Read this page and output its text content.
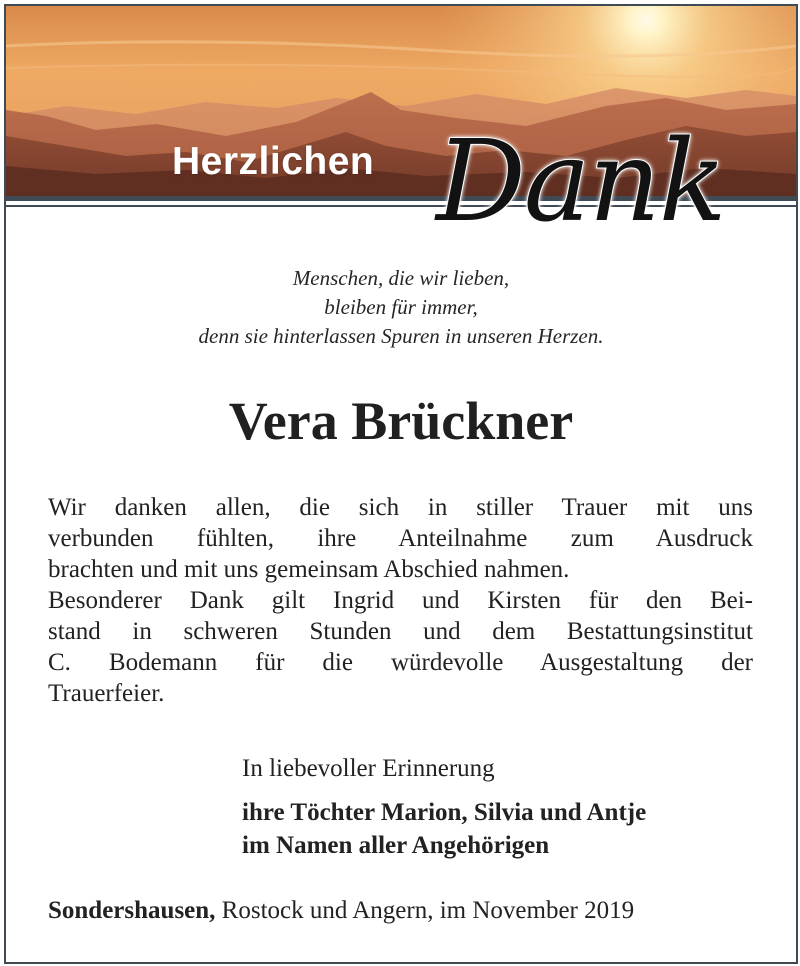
Herzlichen Dank
Menschen, die wir lieben,
bleiben für immer,
denn sie hinterlassen Spuren in unseren Herzen.
Vera Brückner
Wir danken allen, die sich in stiller Trauer mit uns
verbunden fühlten, ihre Anteilnahme zum Ausdruck
brachten und mit uns gemeinsam Abschied nahmen.
Besonderer Dank gilt Ingrid und Kirsten für den Bei-
stand in schweren Stunden und dem Bestattungsinstitut
C. Bodemann für die würdevolle Ausgestaltung der
Trauerfeier.
In liebevoller Erinnerung
ihre Töchter Marion, Silvia und Antje
im Namen aller Angehörigen
Sondershausen, Rostock und Angern, im November 2019
